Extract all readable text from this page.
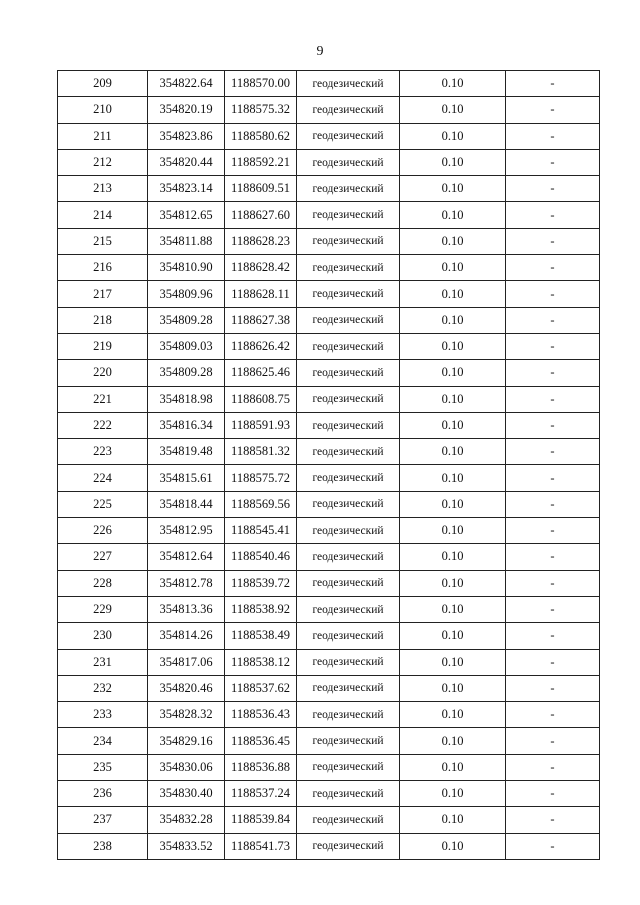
9
209	354822.64	1188570.00	геодезический	0.10	-
210	354820.19	1188575.32	геодезический	0.10	-
211	354823.86	1188580.62	геодезический	0.10	-
212	354820.44	1188592.21	геодезический	0.10	-
213	354823.14	1188609.51	геодезический	0.10	-
214	354812.65	1188627.60	геодезический	0.10	-
215	354811.88	1188628.23	геодезический	0.10	-
216	354810.90	1188628.42	геодезический	0.10	-
217	354809.96	1188628.11	геодезический	0.10	-
218	354809.28	1188627.38	геодезический	0.10	-
219	354809.03	1188626.42	геодезический	0.10	-
220	354809.28	1188625.46	геодезический	0.10	-
221	354818.98	1188608.75	геодезический	0.10	-
222	354816.34	1188591.93	геодезический	0.10	-
223	354819.48	1188581.32	геодезический	0.10	-
224	354815.61	1188575.72	геодезический	0.10	-
225	354818.44	1188569.56	геодезический	0.10	-
226	354812.95	1188545.41	геодезический	0.10	-
227	354812.64	1188540.46	геодезический	0.10	-
228	354812.78	1188539.72	геодезический	0.10	-
229	354813.36	1188538.92	геодезический	0.10	-
230	354814.26	1188538.49	геодезический	0.10	-
231	354817.06	1188538.12	геодезический	0.10	-
232	354820.46	1188537.62	геодезический	0.10	-
233	354828.32	1188536.43	геодезический	0.10	-
234	354829.16	1188536.45	геодезический	0.10	-
235	354830.06	1188536.88	геодезический	0.10	-
236	354830.40	1188537.24	геодезический	0.10	-
237	354832.28	1188539.84	геодезический	0.10	-
238	354833.52	1188541.73	геодезический	0.10	-
